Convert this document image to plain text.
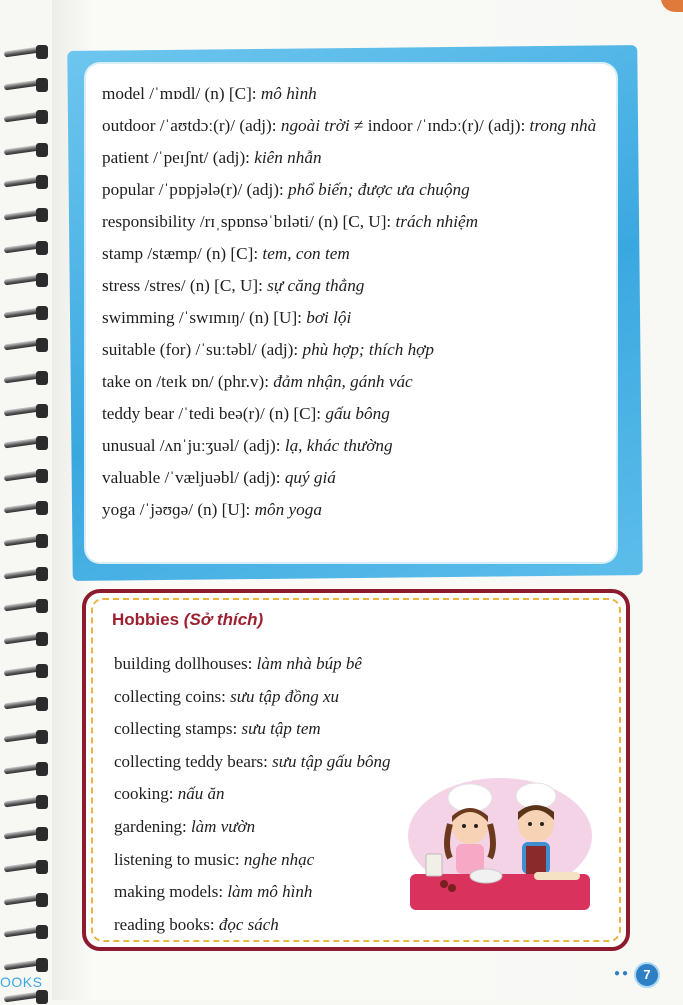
model /ˈmɒdl/ (n) [C]: mô hình
outdoor /ˈaʊtdɔː(r)/ (adj): ngoài trời ≠ indoor /ˈɪndɔː(r)/ (adj): trong nhà
patient /ˈpeɪʃnt/ (adj): kiên nhẫn
popular /ˈpɒpjələ(r)/ (adj): phổ biến; được ưa chuộng
responsibility /rɪˌspɒnsəˈbɪləti/ (n) [C, U]: trách nhiệm
stamp /stæmp/ (n) [C]: tem, con tem
stress /stres/ (n) [C, U]: sự căng thẳng
swimming /ˈswɪmɪŋ/ (n) [U]: bơi lội
suitable (for) /ˈsuːtəbl/ (adj): phù hợp; thích hợp
take on /teɪk ɒn/ (phr.v): đảm nhận, gánh vác
teddy bear /ˈtedi beə(r)/ (n) [C]: gấu bông
unusual /ʌnˈjuːʒuəl/ (adj): lạ, khác thường
valuable /ˈvæljuəbl/ (adj): quý giá
yoga /ˈjəʊɡə/ (n) [U]: môn yoga
Hobbies (Sở thích)
building dollhouses: làm nhà búp bê
collecting coins: sưu tập đồng xu
collecting stamps: sưu tập tem
collecting teddy bears: sưu tập gấu bông
cooking: nấu ăn
gardening: làm vườn
listening to music: nghe nhạc
making models: làm mô hình
reading books: đọc sách
OOKS
●●	7
